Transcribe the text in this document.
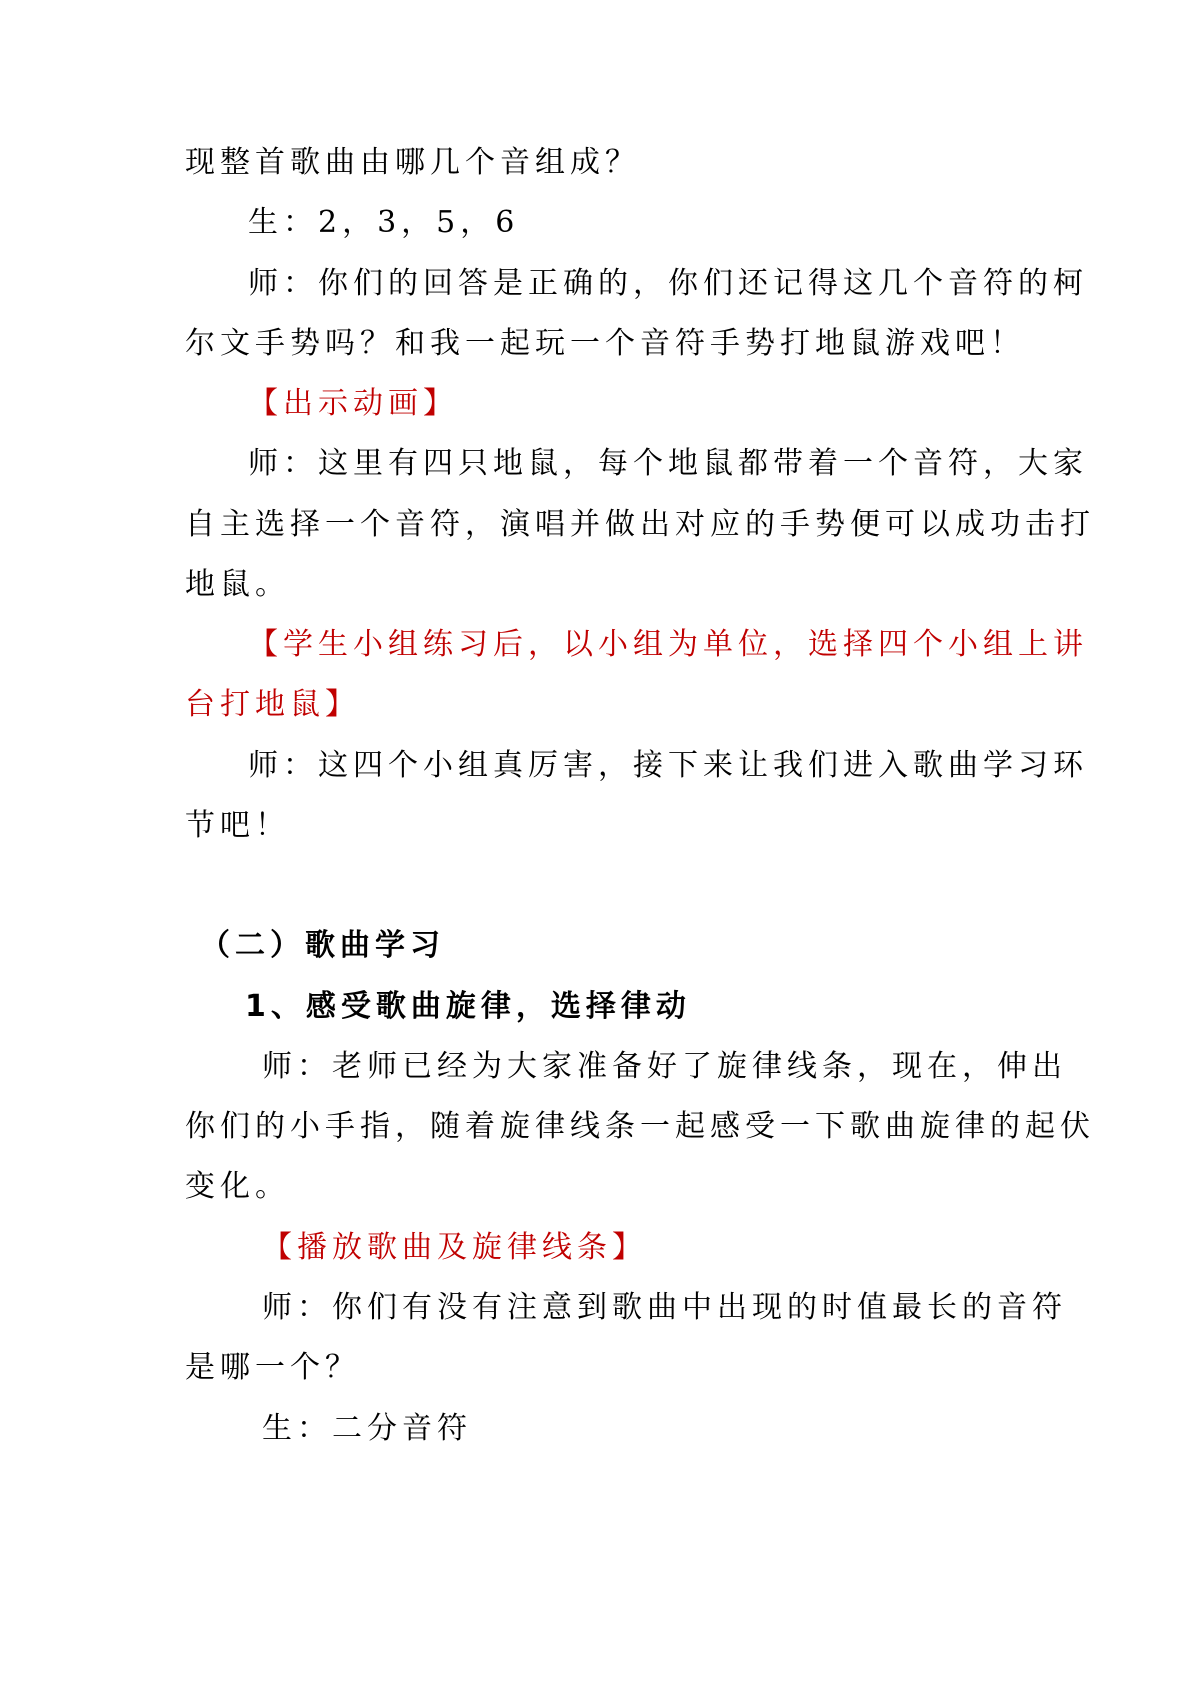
现整首歌曲由哪几个音组成？
生：2，3，5，6
师：你们的回答是正确的，你们还记得这几个音符的柯
尔文手势吗？和我一起玩一个音符手势打地鼠游戏吧！
【出示动画】
师：这里有四只地鼠，每个地鼠都带着一个音符，大家
自主选择一个音符，演唱并做出对应的手势便可以成功击打
地鼠。
【学生小组练习后，以小组为单位，选择四个小组上讲
台打地鼠】
师：这四个小组真厉害，接下来让我们进入歌曲学习环
节吧！
（二）歌曲学习
1、感受歌曲旋律，选择律动
师：老师已经为大家准备好了旋律线条，现在，伸出
你们的小手指，随着旋律线条一起感受一下歌曲旋律的起伏
变化。
【播放歌曲及旋律线条】
师：你们有没有注意到歌曲中出现的时值最长的音符
是哪一个？
生：二分音符
